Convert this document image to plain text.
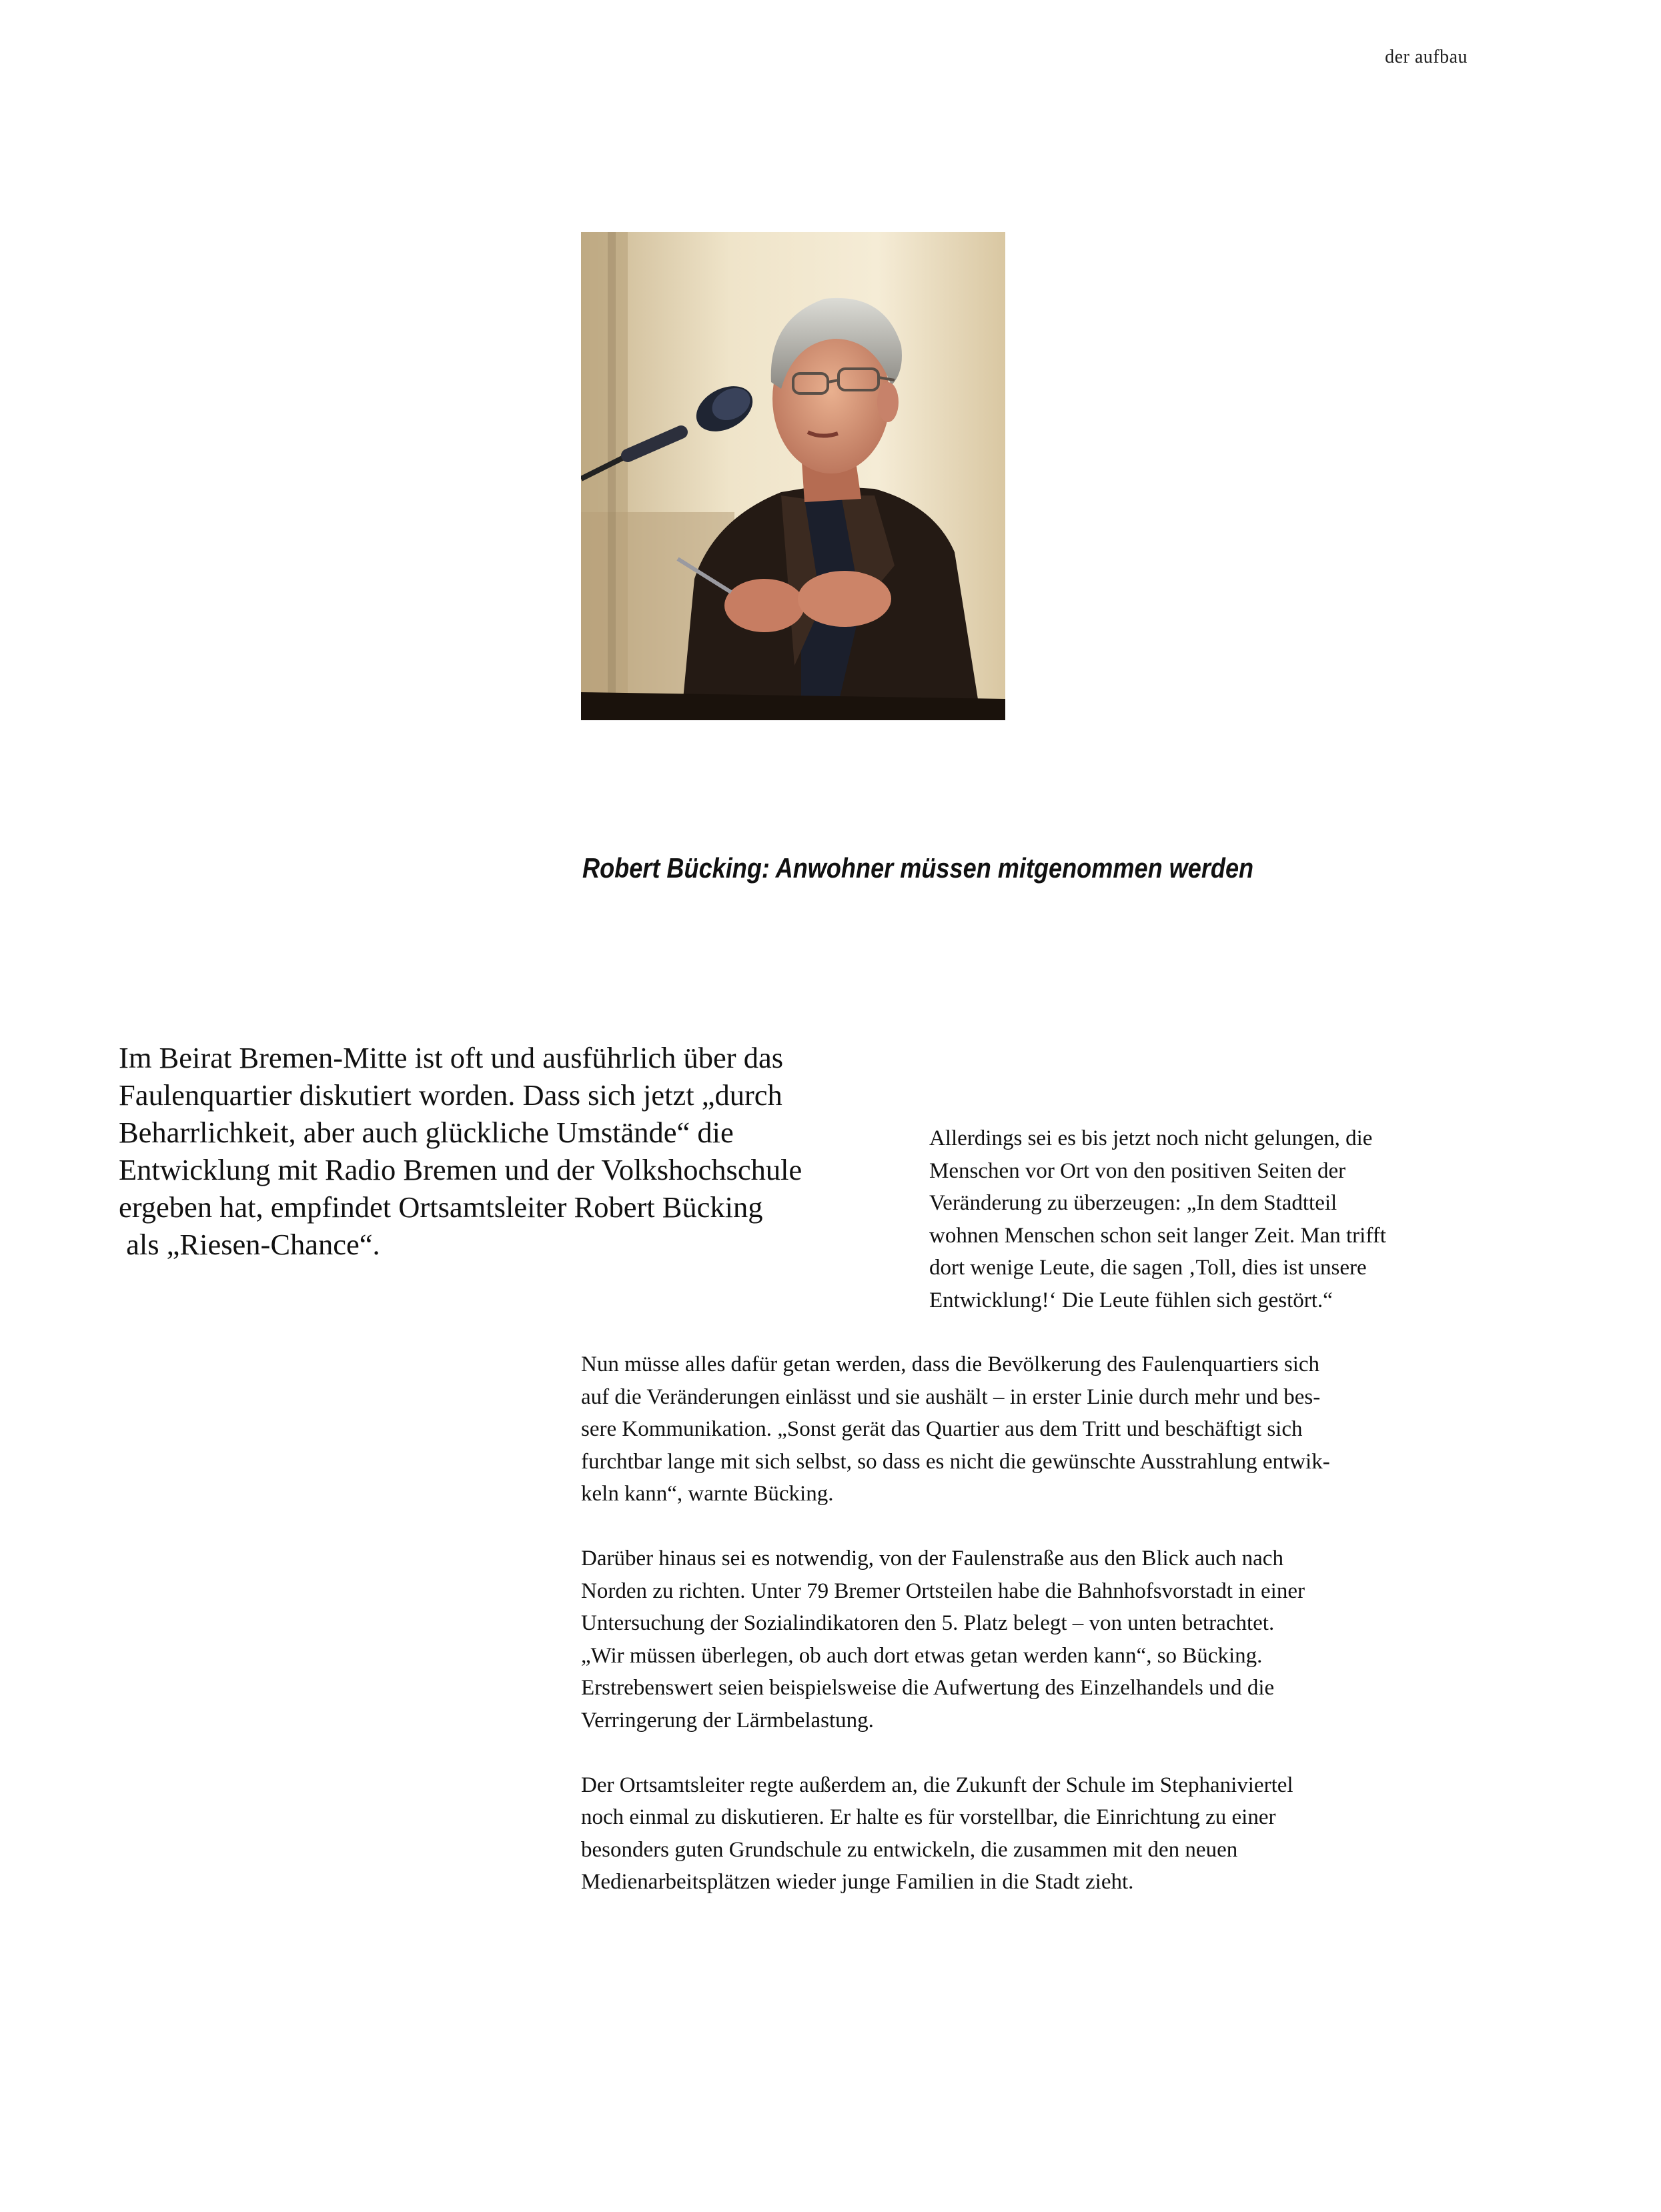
der aufbau
Robert Bücking: Anwohner müssen mitgenommen werden
Im Beirat Bremen-Mitte ist oft und ausführlich über das
Faulenquartier diskutiert worden. Dass sich jetzt „durch
Beharrlichkeit, aber auch glückliche Umstände“ die
Entwicklung mit Radio Bremen und der Volkshochschule
ergeben hat, empfindet Ortsamtsleiter Robert Bücking
als „Riesen-Chance“.
Allerdings sei es bis jetzt noch nicht gelungen, die
Menschen vor Ort von den positiven Seiten der
Veränderung zu überzeugen: „In dem Stadtteil
wohnen Menschen schon seit langer Zeit. Man trifft
dort wenige Leute, die sagen ‚Toll, dies ist unsere
Entwicklung!‘ Die Leute fühlen sich gestört.“

Nun müsse alles dafür getan werden, dass die Bevölkerung des Faulenquartiers sich
auf die Veränderungen einlässt und sie aushält – in erster Linie durch mehr und bes-
sere Kommunikation. „Sonst gerät das Quartier aus dem Tritt und beschäftigt sich
furchtbar lange mit sich selbst, so dass es nicht die gewünschte Ausstrahlung entwik-
keln kann“, warnte Bücking.

Darüber hinaus sei es notwendig, von der Faulenstraße aus den Blick auch nach
Norden zu richten. Unter 79 Bremer Ortsteilen habe die Bahnhofsvorstadt in einer
Untersuchung der Sozialindikatoren den 5. Platz belegt – von unten betrachtet.
„Wir müssen überlegen, ob auch dort etwas getan werden kann“, so Bücking.
Erstrebenswert seien beispielsweise die Aufwertung des Einzelhandels und die
Verringerung der Lärmbelastung.

Der Ortsamtsleiter regte außerdem an, die Zukunft der Schule im Stephaniviertel
noch einmal zu diskutieren. Er halte es für vorstellbar, die Einrichtung zu einer
besonders guten Grundschule zu entwickeln, die zusammen mit den neuen
Medienarbeitsplätzen wieder junge Familien in die Stadt zieht.
